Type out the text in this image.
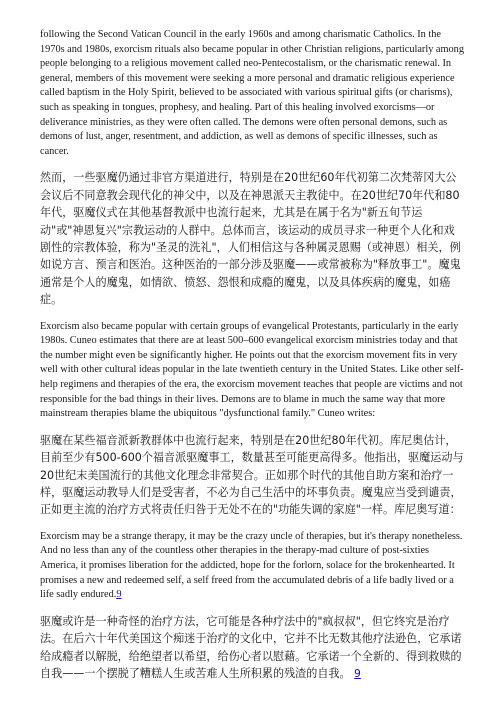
following the Second Vatican Council in the early 1960s and among charismatic Catholics. In the 1970s and 1980s, exorcism rituals also became popular in other Christian religions, particularly among people belonging to a religious movement called neo-Pentecostalism, or the charismatic renewal. In general, members of this movement were seeking a more personal and dramatic religious experience called baptism in the Holy Spirit, believed to be associated with various spiritual gifts (or charisms), such as speaking in tongues, prophesy, and healing. Part of this healing involved exorcisms—or deliverance ministries, as they were often called. The demons were often personal demons, such as demons of lust, anger, resentment, and addiction, as well as demons of specific illnesses, such as cancer.

然而，一些驱魔仍通过非官方渠道进行，特别是在20世纪60年代初第二次梵蒂冈大公会议后不同意教会现代化的神父中，以及在神恩派天主教徒中。在20世纪70年代和80年代，驱魔仪式在其他基督教派中也流行起来，尤其是在属于名为"新五旬节运动"或"神恩复兴"宗教运动的人群中。总体而言，该运动的成员寻求一种更个人化和戏剧性的宗教体验，称为"圣灵的洗礼"，人们相信这与各种属灵恩赐（或神恩）相关，例如说方言、预言和医治。这种医治的一部分涉及驱魔——或常被称为"释放事工"。魔鬼通常是个人的魔鬼，如情欲、愤怒、怨恨和成瘾的魔鬼，以及具体疾病的魔鬼，如癌症。

Exorcism also became popular with certain groups of evangelical Protestants, particularly in the early 1980s. Cuneo estimates that there are at least 500–600 evangelical exorcism ministries today and that the number might even be significantly higher. He points out that the exorcism movement fits in very well with other cultural ideas popular in the late twentieth century in the United States. Like other self-help regimens and therapies of the era, the exorcism movement teaches that people are victims and not responsible for the bad things in their lives. Demons are to blame in much the same way that more mainstream therapies blame the ubiquitous "dysfunctional family." Cuneo writes:

驱魔在某些福音派新教群体中也流行起来，特别是在20世纪80年代初。库尼奥估计，目前至少有500-600个福音派驱魔事工，数量甚至可能更高得多。他指出，驱魔运动与20世纪末美国流行的其他文化理念非常契合。正如那个时代的其他自助方案和治疗一样，驱魔运动教导人们是受害者，不必为自己生活中的坏事负责。魔鬼应当受到谴责，正如更主流的治疗方式将责任归咎于无处不在的"功能失调的家庭"一样。库尼奥写道：

Exorcism may be a strange therapy, it may be the crazy uncle of therapies, but it's therapy nonetheless. And no less than any of the countless other therapies in the therapy-mad culture of post-sixties America, it promises liberation for the addicted, hope for the forlorn, solace for the brokenhearted. It promises a new and redeemed self, a self freed from the accumulated debris of a life badly lived or a life sadly endured.9

驱魔或许是一种奇怪的治疗方法，它可能是各种疗法中的"疯叔叔"，但它终究是治疗法。在后六十年代美国这个痴迷于治疗的文化中，它并不比无数其他疗法逊色，它承诺给成瘾者以解脱，给绝望者以希望，给伤心者以慰藉。它承诺一个全新的、得到救赎的自我——一个摆脱了糟糕人生或苦难人生所积累的残渣的自我。 9
